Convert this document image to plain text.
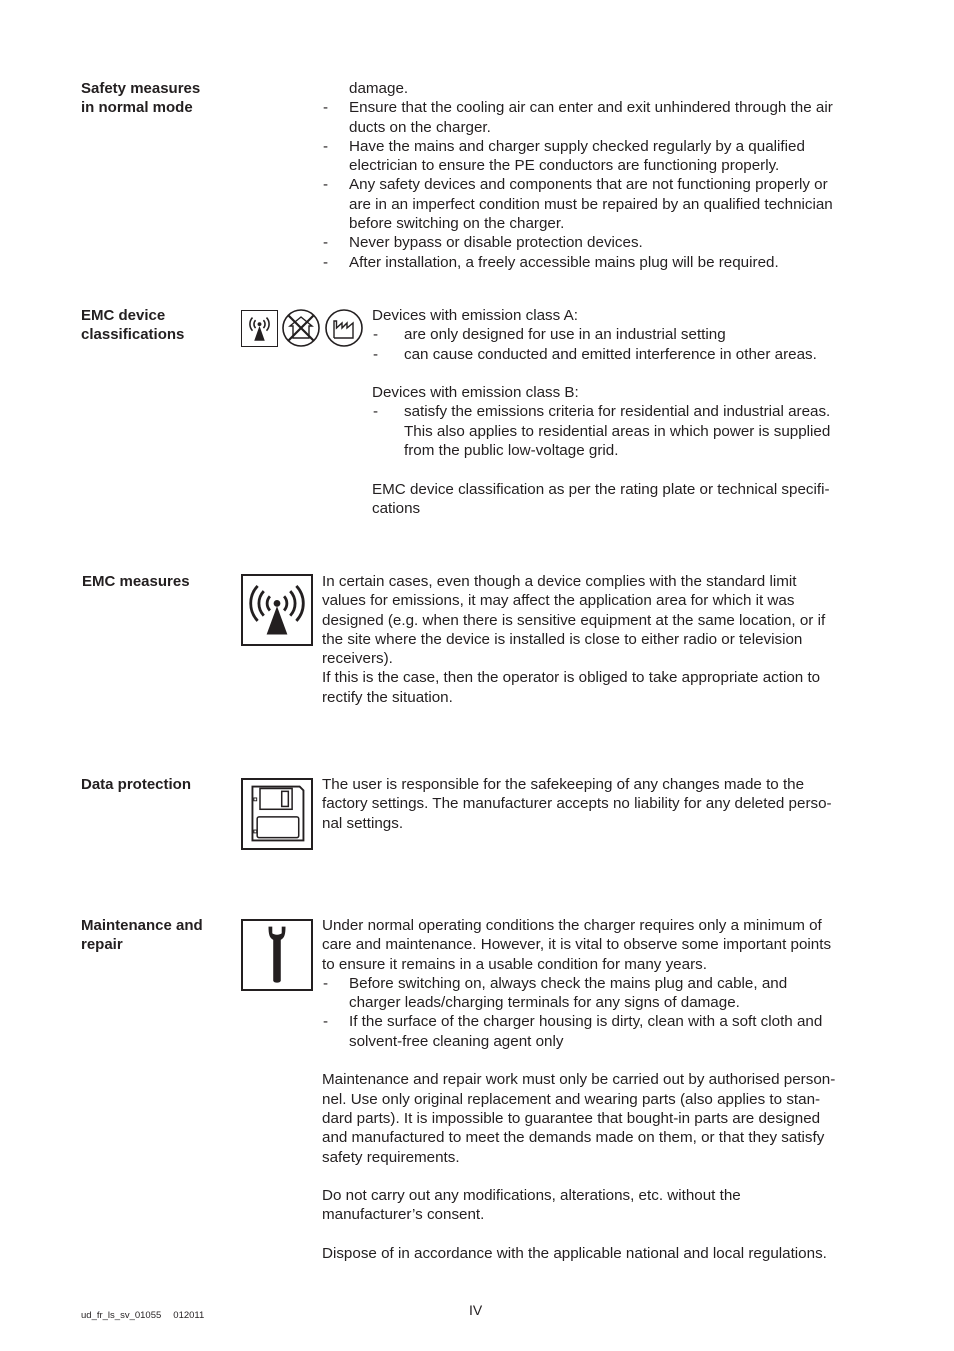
Safety measures
in normal mode

damage.

- Ensure that the cooling air can enter and exit unhindered through the air
ducts on the charger.
- Have the mains and charger supply checked regularly by a qualified
electrician to ensure the PE conductors are functioning properly.
- Any safety devices and components that are not functioning properly or
are in an imperfect condition must be repaired by an qualified technician
before switching on the charger.
- Never bypass or disable protection devices.
- After installation, a freely accessible mains plug will be required.
EMC device
classifications

Devices with emission class A:

- are only designed for use in an industrial setting
- can cause conducted and emitted interference in other areas.

Devices with emission class B:

- satisfy the emissions criteria for residential and industrial areas.
This also applies to residential areas in which power is supplied
from the public low-voltage grid.
EMC device classification as per the rating plate or technical specifi-
cations
EMC measures	In certain cases, even though a device complies with the standard limit
values for emissions, it may affect the application area for which it was
designed (e.g. when there is sensitive equipment at the same location, or if
the site where the device is installed is close to either radio or television
receivers).
If this is the case, then the operator is obliged to take appropriate action to
rectify the situation.
Data protection	The user is responsible for the safekeeping of any changes made to the
factory settings. The manufacturer accepts no liability for any deleted perso-
nal settings.
Maintenance and
repair
Under normal operating conditions the charger requires only a minimum of
care and maintenance. However, it is vital to observe some important points
to ensure it remains in a usable condition for many years.
- Before switching on, always check the mains plug and cable, and
charger leads/charging terminals for any signs of damage.
- If the surface of the charger housing is dirty, clean with a soft cloth and
solvent-free cleaning agent only
Maintenance and repair work must only be carried out by authorised person-
nel. Use only original replacement and wearing parts (also applies to stan-
dard parts). It is impossible to guarantee that bought-in parts are designed
and manufactured to meet the demands made on them, or that they satisfy
safety requirements.
Do not carry out any modifications, alterations, etc. without the
manufacturer’s consent.
Dispose of in accordance with the applicable national and local regulations.
ud_fr_ls_sv_01055 012011	IV
